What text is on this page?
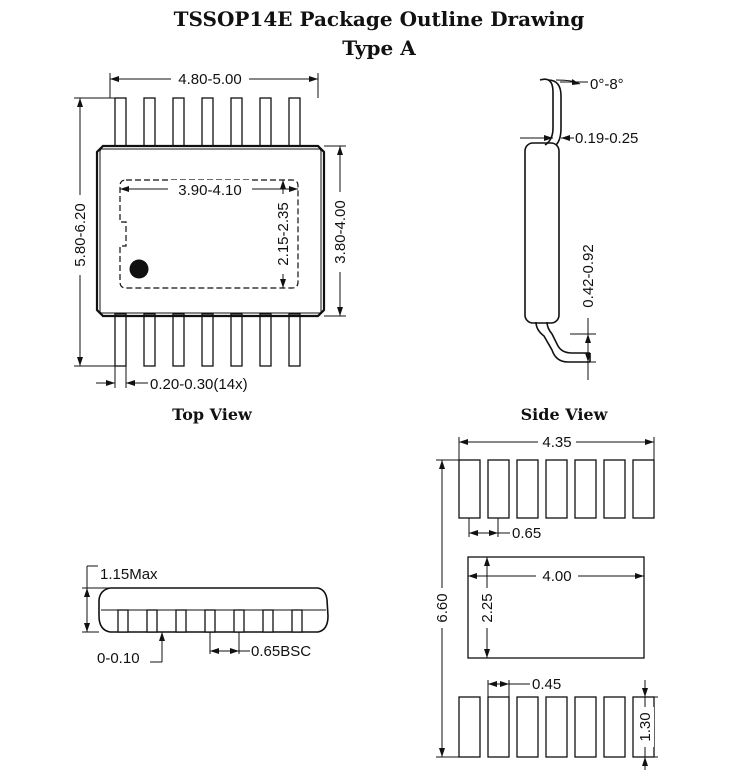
TSSOP14E Package Outline Drawing
Type A
4.80-5.00
5.80-6.20	3.80-4.00
3.90-4.10
2.15-2.35
0.20-0.30(14x)
Top View
0°-8°
0.19-0.25
0.42-0.92
Side View
1.15Max
0-0.10	0.65BSC
4.35
0.65
4.00
2.25
6.60
0.45
1.30
